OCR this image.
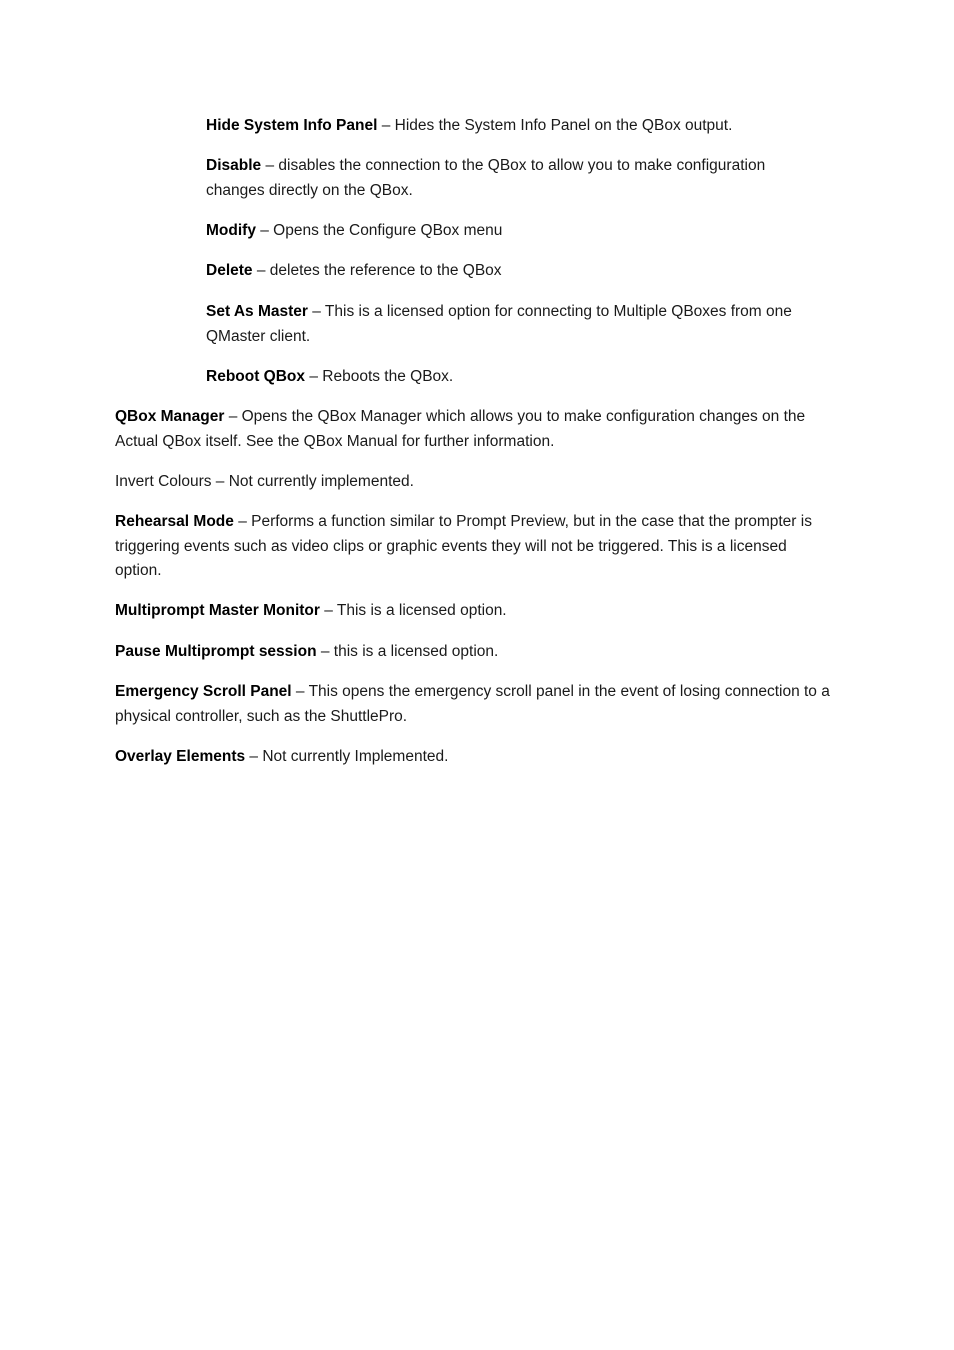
Hide System Info Panel – Hides the System Info Panel on the QBox output.

Disable – disables the connection to the QBox to allow you to make configuration changes directly on the QBox.

Modify – Opens the Configure QBox menu

Delete – deletes the reference to the QBox

Set As Master – This is a licensed option for connecting to Multiple QBoxes from one QMaster client.

Reboot QBox – Reboots the QBox.

QBox Manager – Opens the QBox Manager which allows you to make configuration changes on the Actual QBox itself. See the QBox Manual for further information.

Invert Colours – Not currently implemented.

Rehearsal Mode – Performs a function similar to Prompt Preview, but in the case that the prompter is triggering events such as video clips or graphic events they will not be triggered. This is a licensed option.

Multiprompt Master Monitor – This is a licensed option.

Pause Multiprompt session – this is a licensed option.

Emergency Scroll Panel – This opens the emergency scroll panel in the event of losing connection to a physical controller, such as the ShuttlePro.

Overlay Elements – Not currently Implemented.
